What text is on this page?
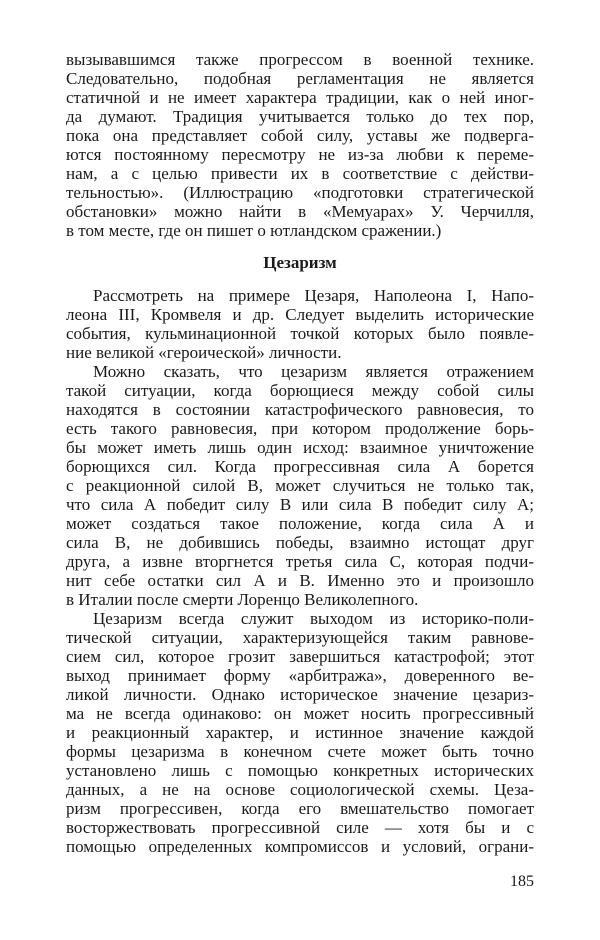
вызывавшимся также прогрессом в военной технике.
Следовательно, подобная регламентация не является
статичной и не имеет характера традиции, как о ней иног-
да думают. Традиция учитывается только до тех пор,
пока она представляет собой силу, уставы же подверга-
ются постоянному пересмотру не из-за любви к переме-
нам, а с целью привести их в соответствие с действи-
тельностью». (Иллюстрацию «подготовки стратегической
обстановки» можно найти в «Мемуарах» У. Черчилля,
в том месте, где он пишет о ютландском сражении.)
Цезаризм
Рассмотреть на примере Цезаря, Наполеона I, Напо-
леона III, Кромвеля и др. Следует выделить исторические
события, кульминационной точкой которых было появле-
ние великой «героической» личности.
Можно сказать, что цезаризм является отражением
такой ситуации, когда борющиеся между собой силы
находятся в состоянии катастрофического равновесия, то
есть такого равновесия, при котором продолжение борь-
бы может иметь лишь один исход: взаимное уничтожение
борющихся сил. Когда прогрессивная сила А борется
с реакционной силой В, может случиться не только так,
что сила А победит силу В или сила В победит силу А;
может создаться такое положение, когда сила А и
сила В, не добившись победы, взаимно истощат друг
друга, а извне вторгнется третья сила С, которая подчи-
нит себе остатки сил А и В. Именно это и произошло
в Италии после смерти Лоренцо Великолепного.
Цезаризм всегда служит выходом из историко-поли-
тической ситуации, характеризующейся таким равнове-
сием сил, которое грозит завершиться катастрофой; этот
выход принимает форму «арбитража», доверенного ве-
ликой личности. Однако историческое значение цезариз-
ма не всегда одинаково: он может носить прогрессивный
и реакционный характер, и истинное значение каждой
формы цезаризма в конечном счете может быть точно
установлено лишь с помощью конкретных исторических
данных, а не на основе социологической схемы. Цеза-
ризм прогрессивен, когда его вмешательство помогает
восторжествовать прогрессивной силе — хотя бы и с
помощью определенных компромиссов и условий, ограни-
185
